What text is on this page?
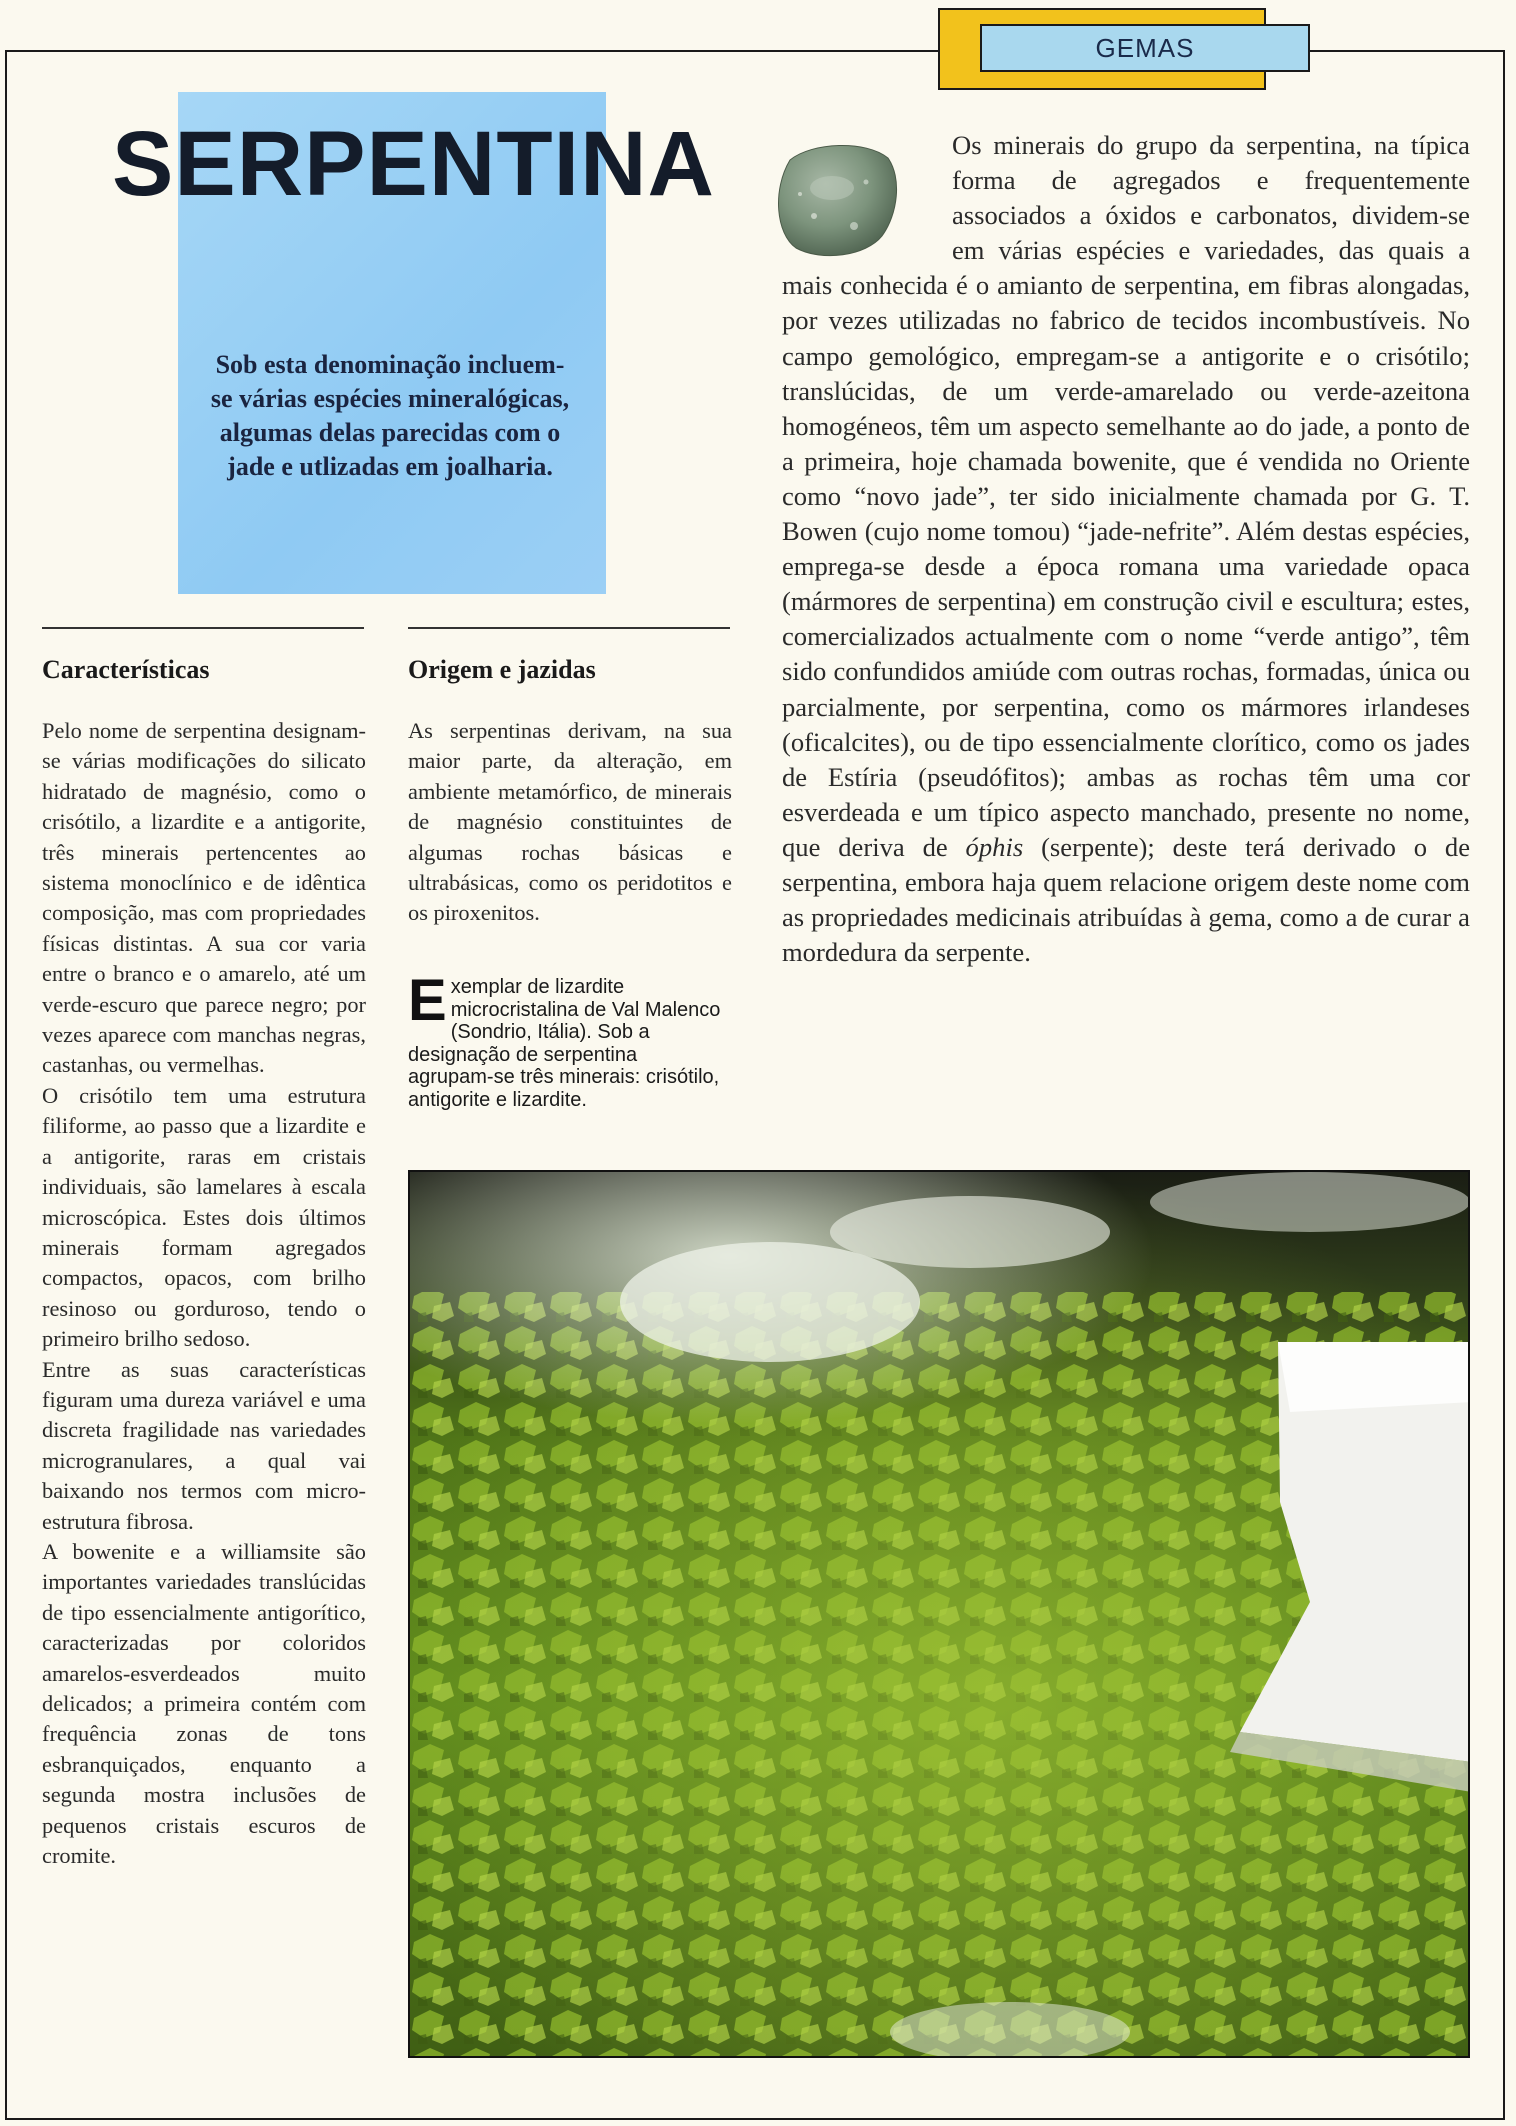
GEMAS
SERPENTINA
Sob esta denominação incluem-se várias espécies mineralógicas, algumas delas parecidas com o jade e utlizadas em joalharia.
Os minerais do grupo da serpentina, na típica forma de agregados e frequentemente associados a óxidos e carbonatos, dividem-se em várias espécies e variedades, das quais a mais conhecida é o amianto de serpentina, em fibras alongadas, por vezes utilizadas no fabrico de tecidos incombustíveis. No campo gemológico, empregam-se a antigorite e o crisótilo; translúcidas, de um verde-amarelado ou verde-azeitona homogéneos, têm um aspecto semelhante ao do jade, a ponto de a primeira, hoje chamada bowenite, que é vendida no Oriente como “novo jade”, ter sido inicialmente chamada por G. T. Bowen (cujo nome tomou) “jade-nefrite”. Além destas espécies, emprega-se desde a época romana uma variedade opaca (mármores de serpentina) em construção civil e escultura; estes, comercializados actualmente com o nome “verde antigo”, têm sido confundidos amiúde com outras rochas, formadas, única ou parcialmente, por serpentina, como os mármores irlandeses (oficalcites), ou de tipo essencialmente clorítico, como os jades de Estíria (pseudófitos); ambas as rochas têm uma cor esverdeada e um típico aspecto manchado, presente no nome, que deriva de óphis (serpente); deste terá derivado o de serpentina, embora haja quem relacione origem deste nome com as propriedades medicinais atribuídas à gema, como a de curar a mordedura da serpente.
Características	Origem e jazidas

Pelo nome de serpentina designam-se várias modificações do silicato hidratado de magnésio, como o crisótilo, a lizardite e a antigorite, três minerais pertencentes ao sistema monoclínico e de idêntica composição, mas com propriedades físicas distintas. A sua cor varia entre o branco e o amarelo, até um verde-escuro que parece negro; por vezes aparece com manchas negras, castanhas, ou vermelhas.

O crisótilo tem uma estrutura filiforme, ao passo que a lizardite e a antigorite, raras em cristais individuais, são lamelares à escala microscópica. Estes dois últimos minerais formam agregados compactos, opacos, com brilho resinoso ou gorduroso, tendo o primeiro brilho sedoso.

Entre as suas características figuram uma dureza variável e uma discreta fragilidade nas variedades microgranulares, a qual vai baixando nos termos com micro-estrutura fibrosa.

A bowenite e a williamsite são importantes variedades translúcidas de tipo essencialmente antigorítico, caracterizadas por coloridos amarelos-esverdeados muito delicados; a primeira contém com frequência zonas de tons esbranquiçados, enquanto a segunda mostra inclusões de pequenos cristais escuros de cromite.

As serpentinas derivam, na sua maior parte, da alteração, em ambiente metamórfico, de minerais de magnésio constituintes de algumas rochas básicas e ultrabásicas, como os peridotitos e os piroxenitos.
Exemplar de lizardite microcristalina de Val Malenco (Sondrio, Itália). Sob a designação de serpentina agrupam-se três minerais: crisótilo, antigorite e lizardite.
